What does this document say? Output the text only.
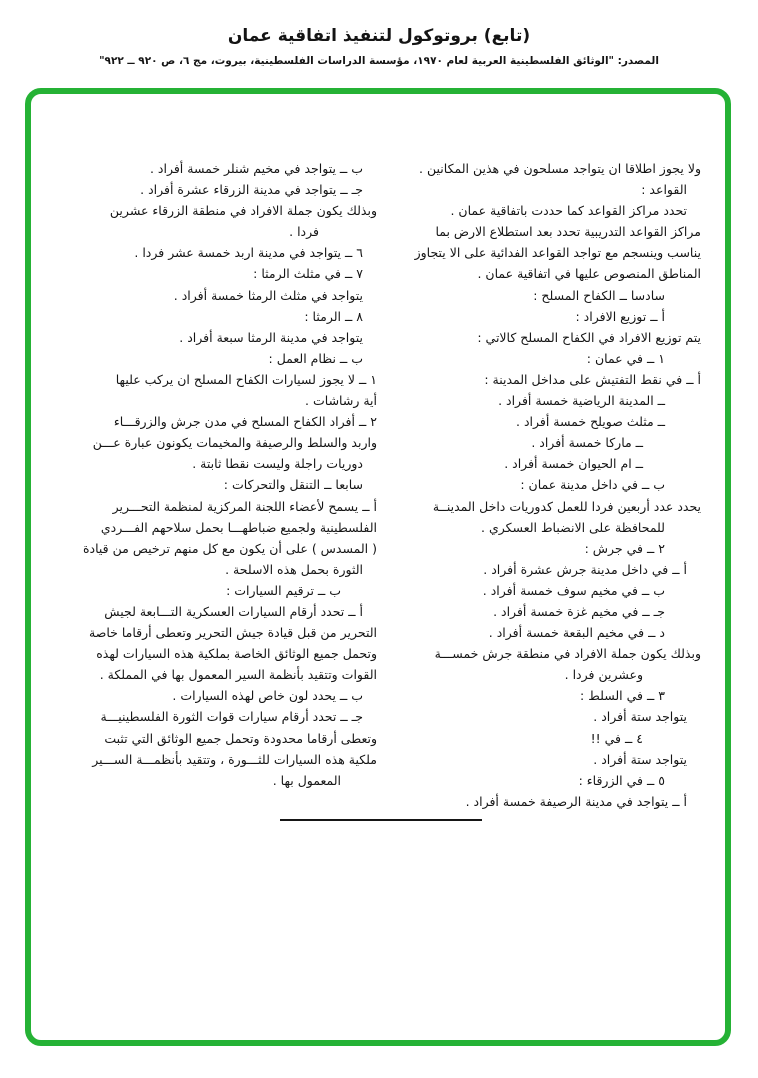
(تابع) بروتوكول لتنفيذ اتفاقية عمان
المصدر: "الوثائق الفلسطينية العربية لعام ١٩٧٠، مؤسسة الدراسات الفلسطينية، بيروت، مج ٦، ص ٩٢٠ ــ ٩٢٢"
ولا يجوز اطلاقا ان يتواجد مسلحون في هذين المكانين .
القواعد :
تحدد مراكز القواعد كما حددت باتفاقية عمان .
مراكز القواعد التدريبية تحدد بعد استطلاع الارض بما
يناسب وينسجم مع تواجد القواعد الفدائية على الا يتجاوز
المناطق المنصوص عليها في اتفاقية عمان .
سادسا ــ الكفاح المسلح :
أ ــ توزيع الافراد :
يتم توزيع الافراد في الكفاح المسلح كالاتي :
١ ــ في عمان :
أ ــ في نقط التفتيش على مداخل المدينة :
ــ المدينة الرياضية خمسة أفراد .
ــ مثلث صويلح خمسة أفراد .
ــ ماركا خمسة أفراد .
ــ ام الحيوان خمسة أفراد .
ب ــ في داخل مدينة عمان :
يحدد عدد أربعين فردا للعمل كدوريات داخل المدينــة
للمحافظة على الانضباط العسكري .
٢ ــ في جرش :
أ ــ في داخل مدينة جرش عشرة أفراد .
ب ــ في مخيم سوف خمسة أفراد .
جـ ــ في مخيم غزة خمسة أفراد .
د ــ في مخيم البقعة خمسة أفراد .
وبذلك يكون جملة الافراد في منطقة جرش خمســـة
وعشرين فردا .
٣ ــ في السلط :
يتواجد ستة أفراد .
٤ ــ في !!
يتواجد ستة أفراد .
٥ ــ في الزرقاء :
أ ــ يتواجد في مدينة الرصيفة خمسة أفراد .
ب ــ يتواجد في مخيم شنلر خمسة أفراد .
جـ ــ يتواجد في مدينة الزرقاء عشرة أفراد .
وبذلك يكون جملة الافراد في منطقة الزرقاء عشرين
فردا .
٦ ــ يتواجد في مدينة اربد خمسة عشر فردا .
٧ ــ في مثلث الرمثا :
يتواجد في مثلث الرمثا خمسة أفراد .
٨ ــ الرمثا :
يتواجد في مدينة الرمثا سبعة أفراد .
ب ــ نظام العمل :
١ ــ لا يجوز لسيارات الكفاح المسلح ان يركب عليها
أية رشاشات .
٢ ــ أفراد الكفاح المسلح في مدن جرش والزرقـــاء
واربد والسلط والرصيفة والمخيمات يكونون عبارة عـــن
دوريات راجلة وليست نقطا ثابتة .
سابعا ــ التنقل والتحركات :
أ ــ يسمح لأعضاء اللجنة المركزية لمنظمة التحـــرير
الفلسطينية ولجميع ضباطهـــا بحمل سلاحهم الفـــردي
( المسدس ) على أن يكون مع كل منهم ترخيص من قيادة
الثورة بحمل هذه الاسلحة .
ب ــ ترقيم السيارات :
أ ــ تحدد أرقام السيارات العسكرية التـــابعة لجيش
التحرير من قبل قيادة جيش التحرير وتعطى أرقاما خاصة
وتحمل جميع الوثائق الخاصة بملكية هذه السيارات لهذه
القوات وتتقيد بأنظمة السير المعمول بها في المملكة .
ب ــ يحدد لون خاص لهذه السيارات .
جـ ــ تحدد أرقام سيارات قوات الثورة الفلسطينيـــة
وتعطى أرقاما محدودة وتحمل جميع الوثائق التي تثبت
ملكية هذه السيارات للثـــورة ، وتتقيد بأنظمـــة الســـير
المعمول بها .
